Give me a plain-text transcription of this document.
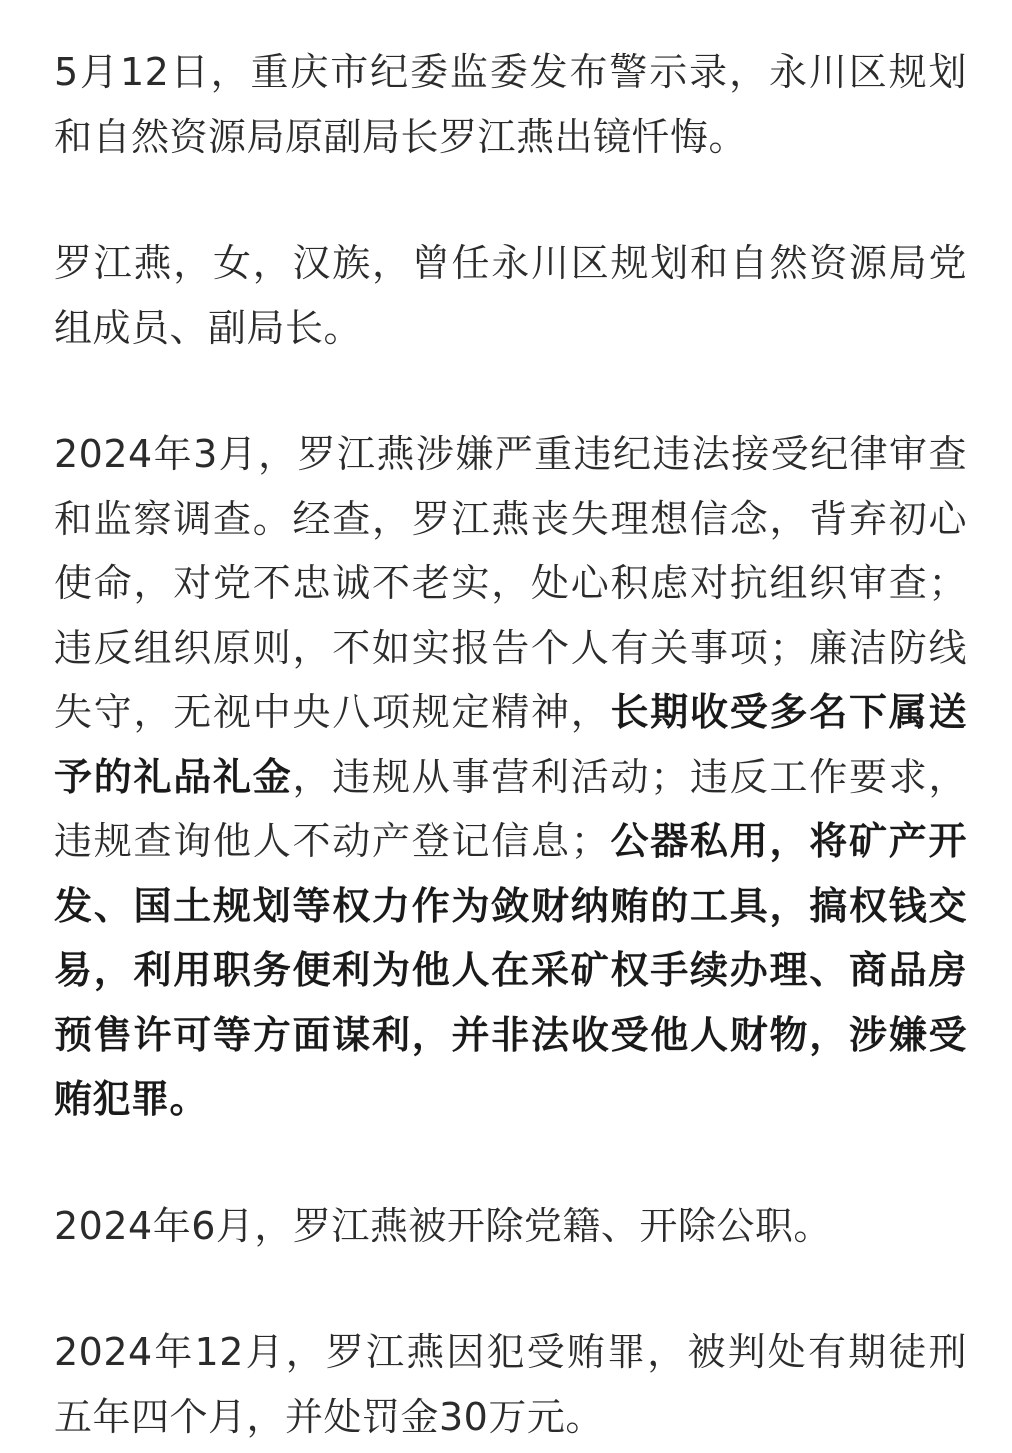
5月12日，重庆市纪委监委发布警示录，永川区规划和自然资源局原副局长罗江燕出镜忏悔。

罗江燕，女，汉族，曾任永川区规划和自然资源局党组成员、副局长。

2024年3月，罗江燕涉嫌严重违纪违法接受纪律审查和监察调查。经查，罗江燕丧失理想信念，背弃初心使命，对党不忠诚不老实，处心积虑对抗组织审查；违反组织原则，不如实报告个人有关事项；廉洁防线失守，无视中央八项规定精神，长期收受多名下属送予的礼品礼金，违规从事营利活动；违反工作要求，违规查询他人不动产登记信息；公器私用，将矿产开发、国土规划等权力作为敛财纳贿的工具，搞权钱交易，利用职务便利为他人在采矿权手续办理、商品房预售许可等方面谋利，并非法收受他人财物，涉嫌受贿犯罪。

2024年6月，罗江燕被开除党籍、开除公职。

2024年12月，罗江燕因犯受贿罪，被判处有期徒刑五年四个月，并处罚金30万元。
